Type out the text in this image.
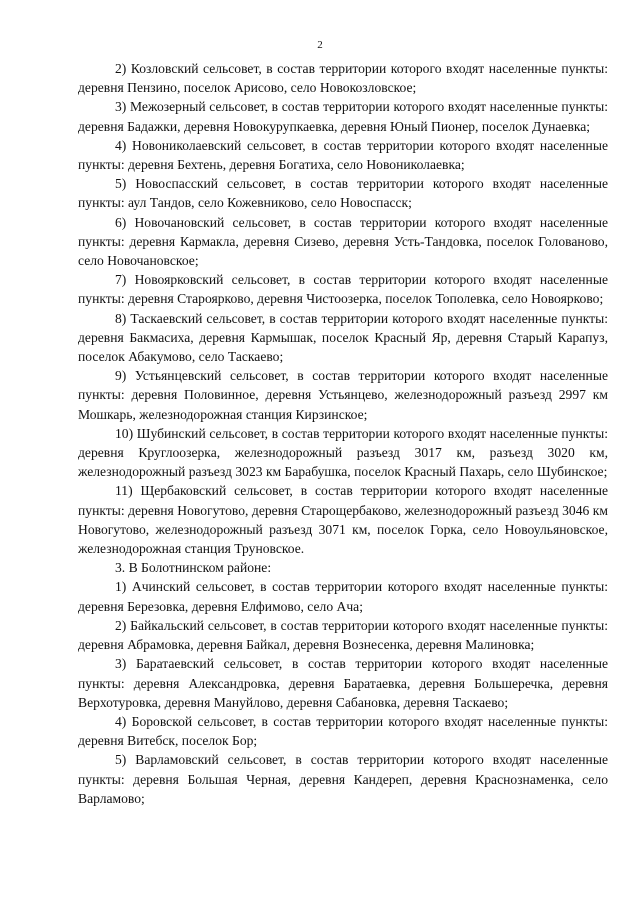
2

2) Козловский сельсовет, в состав территории которого входят населенные пункты: деревня Пензино, поселок Арисово, село Новокозловское;

3) Межозерный сельсовет, в состав территории которого входят населенные пункты: деревня Бадажки, деревня Новокурупкаевка, деревня Юный Пионер, поселок Дунаевка;

4) Новониколаевский сельсовет, в состав территории которого входят населенные пункты: деревня Бехтень, деревня Богатиха, село Новониколаевка;

5) Новоспасский сельсовет, в состав территории которого входят населенные пункты: аул Тандов, село Кожевниково, село Новоспасск;

6) Новочановский сельсовет, в состав территории которого входят населенные пункты: деревня Кармакла, деревня Сизево, деревня Усть-Тандовка, поселок Голованово, село Новочановское;

7) Новоярковский сельсовет, в состав территории которого входят населенные пункты: деревня Староярково, деревня Чистоозерка, поселок Тополевка, село Новоярково;

8) Таскаевский сельсовет, в состав территории которого входят населенные пункты: деревня Бакмасиха, деревня Кармышак, поселок Красный Яр, деревня Старый Карапуз, поселок Абакумово, село Таскаево;

9) Устьянцевский сельсовет, в состав территории которого входят населенные пункты: деревня Половинное, деревня Устьянцево, железнодорожный разъезд 2997 км Мошкарь, железнодорожная станция Кирзинское;

10) Шубинский сельсовет, в состав территории которого входят населенные пункты: деревня Круглоозерка, железнодорожный разъезд 3017 км, разъезд 3020 км, железнодорожный разъезд 3023 км Барабушка, поселок Красный Пахарь, село Шубинское;

11) Щербаковский сельсовет, в состав территории которого входят населенные пункты: деревня Новогутово, деревня Старощербаково, железнодорожный разъезд 3046 км Новогутово, железнодорожный разъезд 3071 км, поселок Горка, село Новоульяновское, железнодорожная станция Труновское.

3. В Болотнинском районе:

1) Ачинский сельсовет, в состав территории которого входят населенные пункты: деревня Березовка, деревня Елфимово, село Ача;

2) Байкальский сельсовет, в состав территории которого входят населенные пункты: деревня Абрамовка, деревня Байкал, деревня Вознесенка, деревня Малиновка;

3) Баратаевский сельсовет, в состав территории которого входят населенные пункты: деревня Александровка, деревня Баратаевка, деревня Большеречка, деревня Верхотуровка, деревня Мануйлово, деревня Сабановка, деревня Таскаево;

4) Боровской сельсовет, в состав территории которого входят населенные пункты: деревня Витебск, поселок Бор;

5) Варламовский сельсовет, в состав территории которого входят населенные пункты: деревня Большая Черная, деревня Кандереп, деревня Краснознаменка, село Варламово;
